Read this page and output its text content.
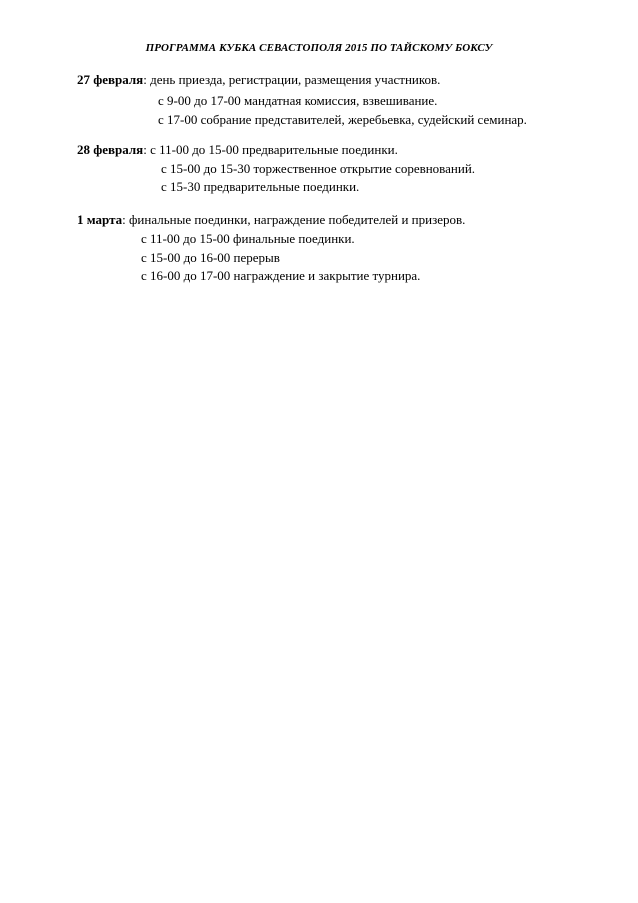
ПРОГРАММА КУБКА СЕВАСТОПОЛЯ 2015 ПО ТАЙСКОМУ БОКСУ
27 февраля: день приезда, регистрации, размещения участников.
с 9-00 до 17-00 мандатная комиссия, взвешивание.
с 17-00 собрание представителей, жеребьевка, судейский семинар.
28 февраля: с 11-00 до 15-00 предварительные поединки.
с 15-00 до 15-30 торжественное открытие соревнований.
с 15-30 предварительные поединки.
1 марта: финальные поединки, награждение победителей и призеров.
с 11-00 до 15-00 финальные поединки.
с 15-00 до 16-00 перерыв
с 16-00 до 17-00 награждение и закрытие турнира.
